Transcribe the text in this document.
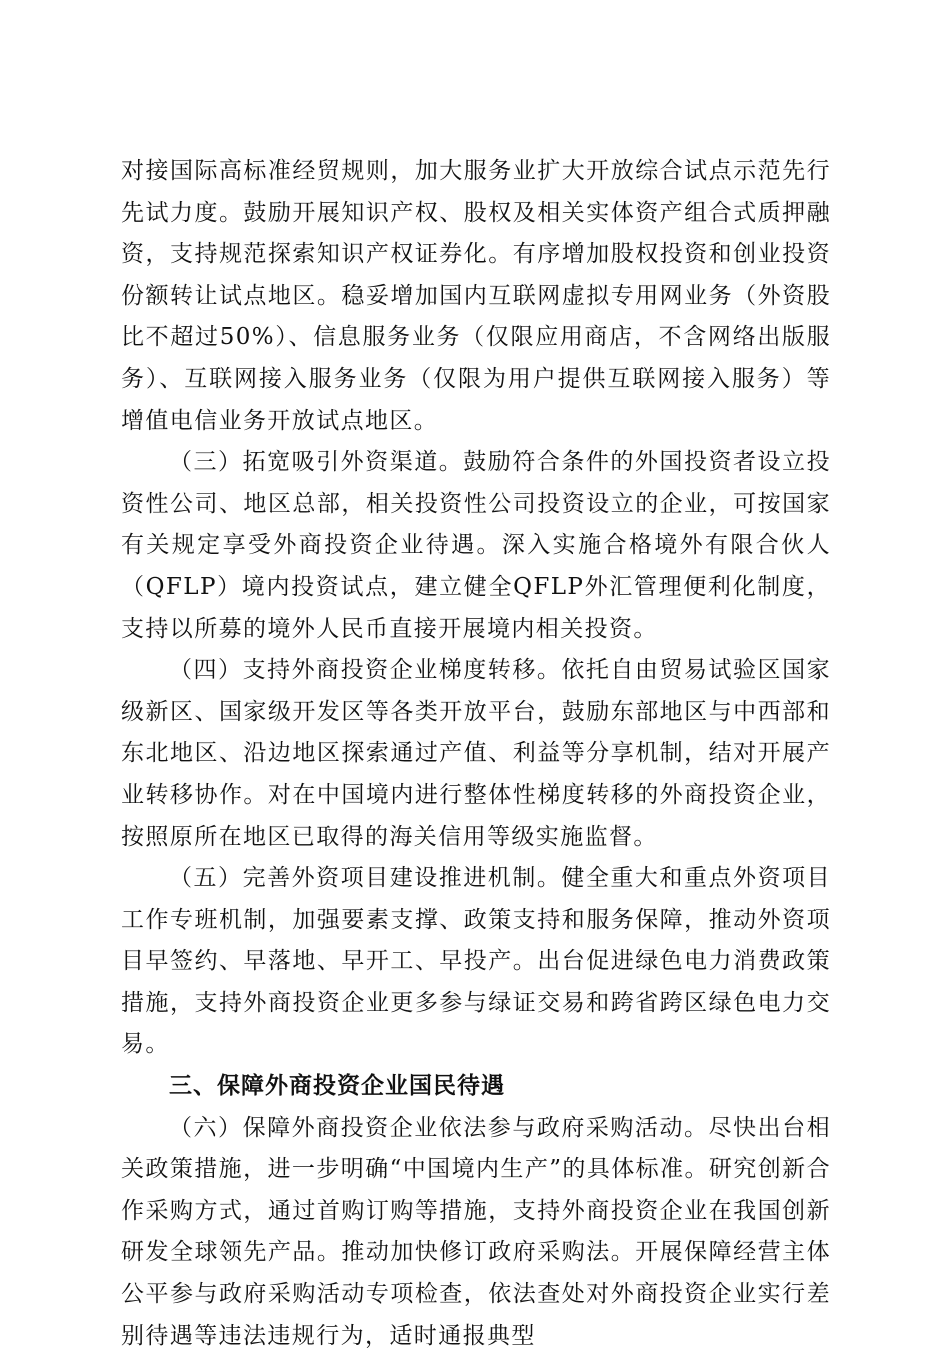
对接国际高标准经贸规则，加大服务业扩大开放综合试点示范先行先试力度。鼓励开展知识产权、股权及相关实体资产组合式质押融资，支持规范探索知识产权证券化。有序增加股权投资和创业投资份额转让试点地区。稳妥增加国内互联网虚拟专用网业务（外资股比不超过50%）、信息服务业务（仅限应用商店，不含网络出版服务）、互联网接入服务业务（仅限为用户提供互联网接入服务）等增值电信业务开放试点地区。

（三）拓宽吸引外资渠道。鼓励符合条件的外国投资者设立投资性公司、地区总部，相关投资性公司投资设立的企业，可按国家有关规定享受外商投资企业待遇。深入实施合格境外有限合伙人（QFLP）境内投资试点，建立健全QFLP外汇管理便利化制度，支持以所募的境外人民币直接开展境内相关投资。

（四）支持外商投资企业梯度转移。依托自由贸易试验区国家级新区、国家级开发区等各类开放平台，鼓励东部地区与中西部和东北地区、沿边地区探索通过产值、利益等分享机制，结对开展产业转移协作。对在中国境内进行整体性梯度转移的外商投资企业，按照原所在地区已取得的海关信用等级实施监督。

（五）完善外资项目建设推进机制。健全重大和重点外资项目工作专班机制，加强要素支撑、政策支持和服务保障，推动外资项目早签约、早落地、早开工、早投产。出台促进绿色电力消费政策措施，支持外商投资企业更多参与绿证交易和跨省跨区绿色电力交易。

三、保障外商投资企业国民待遇

（六）保障外商投资企业依法参与政府采购活动。尽快出台相关政策措施，进一步明确“中国境内生产”的具体标准。研究创新合作采购方式，通过首购订购等措施，支持外商投资企业在我国创新研发全球领先产品。推动加快修订政府采购法。开展保障经营主体公平参与政府采购活动专项检查，依法查处对外商投资企业实行差别待遇等违法违规行为，适时通报典型
